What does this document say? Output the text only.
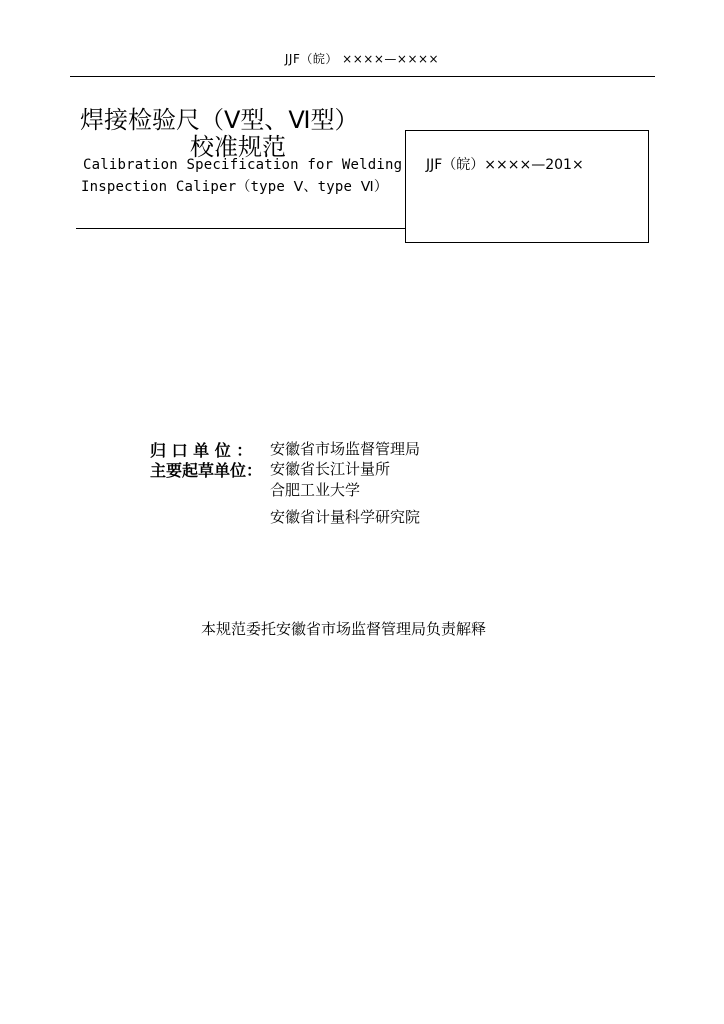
JJF（皖） ××××—××××
焊接检验尺（Ⅴ型、Ⅵ型）
校准规范
Calibration Specification for Welding
Inspection Caliper（type Ⅴ、type Ⅵ）
JJF（皖）××××—201×
归 口 单 位 ： 安徽省市场监督管理局
主要起草单位： 安徽省长江计量所
合肥工业大学
安徽省计量科学研究院
本规范委托安徽省市场监督管理局负责解释
